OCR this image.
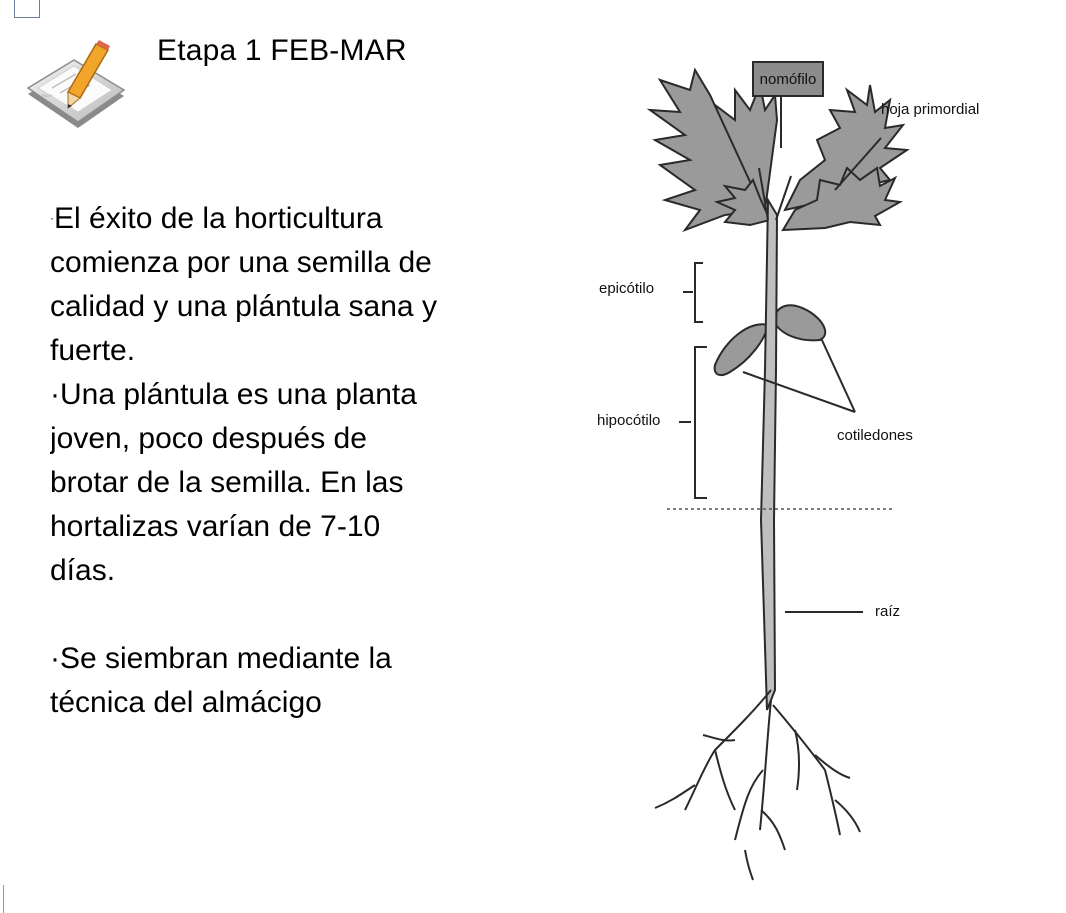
Etapa 1 FEB-MAR

·El éxito de la horticultura

comienza por una semilla de

calidad y una plántula sana y

fuerte.

·Una plántula es una planta

joven, poco después de

brotar de la semilla. En las

hortalizas varían de 7-10

días.

·Se siembran mediante la

técnica del almácigo

nomófilo
hoja primordial
epicótilo
hipocótilo
cotiledones
raíz
